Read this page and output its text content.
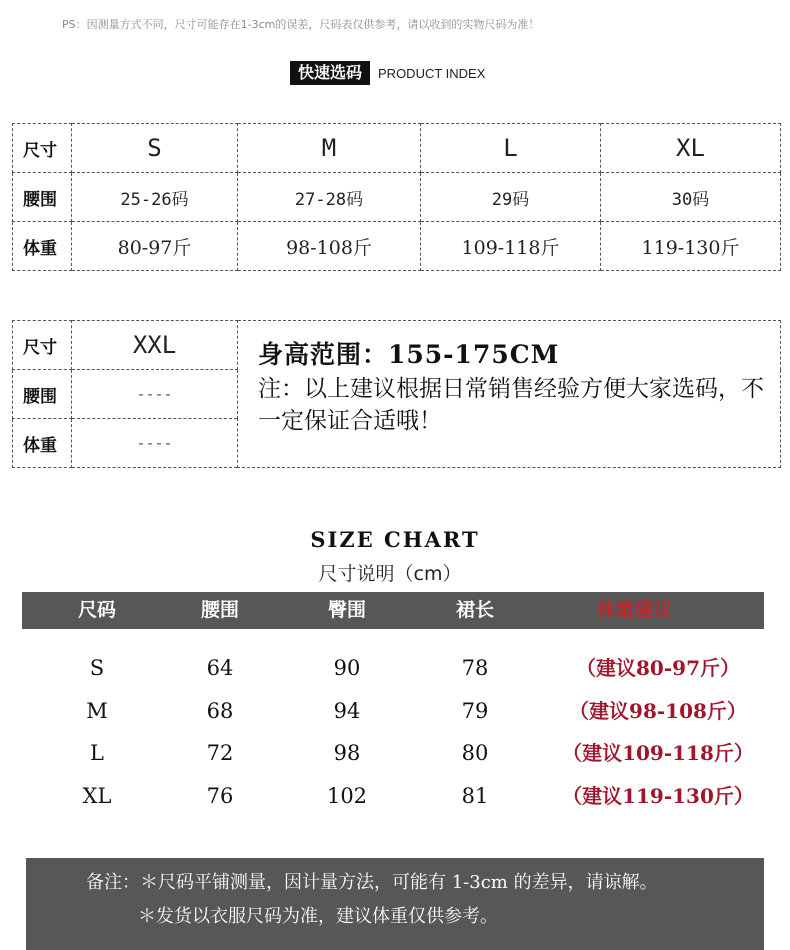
PS：因测量方式不同，尺寸可能存在1-3cm的误差，尺码表仅供参考，请以收到的实物尺码为准！
快速选码	PRODUCT INDEX
尺寸	S	M	L	XL
腰围	25-26码	27-28码	29码	30码
体重	80-97斤	98-108斤	109-118斤	119-130斤
尺寸	XXL	身高范围：155-175CM
注：以上建议根据日常销售经验方便大家选码，不一定保证合适哦！

腰围	----	
体重	----	
SIZE CHART
尺寸说明（cm）
尺码	腰围	臀围	裙长	体重建议
S	64	90	78	（建议80-97斤）
M	68	94	79	（建议98-108斤）
L	72	98	80	（建议109-118斤）
XL	76	102	81	（建议119-130斤）
备注：＊尺码平铺测量，因计量方法，可能有 1-3cm 的差异，请谅解。
＊发货以衣服尺码为准，建议体重仅供参考。
